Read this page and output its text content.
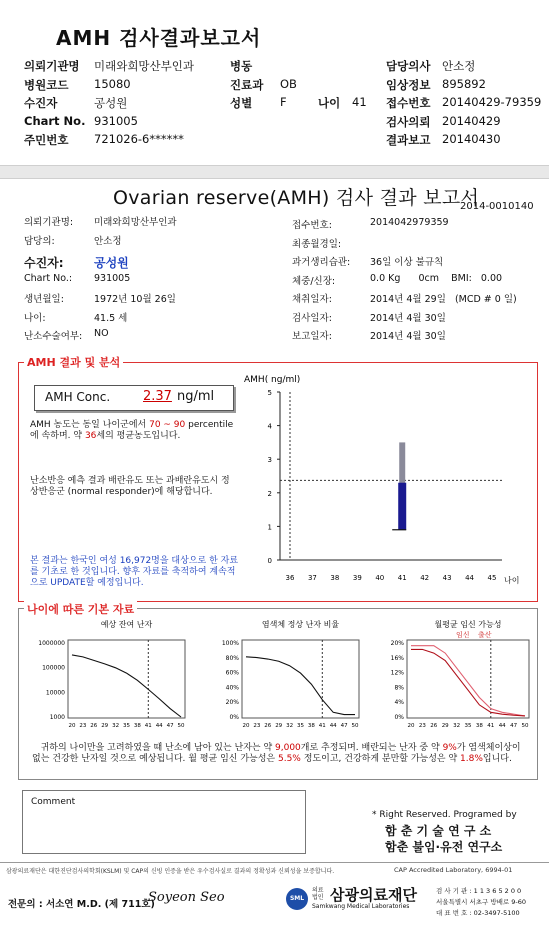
AMH 검사결과보고서
의뢰기관명 미래와희망산부인과	병동	담당의사 안소정
병원코드 15080	진료과 OB	임상정보 895892
수진자	공성원	성별 F	나이 41 접수번호 20140429-79359
Chart No. 931005	검사의뢰 20140429
주민번호 721026-6******	결과보고 20140430
Ovarian reserve(AMH) 검사 결과 보고서
2014-0010140
의뢰기관명: 미래와희망산부인과
담당의:	안소정
수진자:	공성원
Chart No.: 931005
생년월일:	1972년 10월 26일
나이:	41.5 세
난소수술여부: NO
접수번호:	2014042979359
최종월경일:
과거생리습관: 36일 이상 불규칙
체중/신장:	0.0 Kg      0cm    BMI:   0.00
채취일자:	2014년 4월 29일   (MCD # 0 일)
검사일자:	2014년 4월 30일
보고일자:	2014년 4월 30일
AMH 결과 및 분석
AMH Conc.	2.37 ng/ml
AMH 농도는 동일 나이군에서 70 ~ 90 percentile에 속하며. 약 36세의 평균농도입니다.
난소반응 예측 결과 배란유도 또는 과배란유도시 정상반응군 (normal responder)에 해당합니다.
본 결과는 한국인 여성 16,972명을 대상으로 한 자료를 기초로 한 것입니다. 향후 자료를 축적하여 계속적으로 UPDATE할 예정입니다.
AMH( ng/ml)
0
1
2
3
4
5
36 37 38 39 40 41 42 43 44 45 나이
나이에 따른 기본 자료
예상 잔여 난자
1000000
100000
10000
1000
20 23 26 29 32 35 38 41 44 47 50
염색체 정상 난자 비율
100%
80%
60%
40%
20%
0%
20 23 26 29 32 35 38 41 44 47 50
월평균 임신 가능성
20%
16%
12%
8%
4%
0%
20 23 26 29 32 35 38 41 44 47 50
임신 출산
귀하의 나이만을 고려하였을 때 난소에 남아 있는 난자는 약 9,000개로 추정되며. 배란되는 난자 중 약 9%가 염색체이상이 없는 건강한 난자일 것으로 예상됩니다. 월 평균 임신 가능성은 5.5% 정도이고, 건강하게 분만할 가능성은 약 1.8%입니다.
Comment
* Right Reserved. Programed by
함 춘 기 술 연 구 소
함춘 불임·유전 연구소
삼광의료재단은 대한진단검사의학회(KSLM) 및 CAP의 신빙 인증을 받은 우수검사실로 결과의 정확성과 신뢰성을 보증합니다.	CAP Accredited Laboratory, 6994-01
전문의 : 서소연 M.D. (제 711호)
Soyeon Seo	SML
의료
법인 삼광의료재단
Samkwang Medical Laboratories
검 사 기 관 : 1 1 3 6 5 2 0 0
서울특별시 서초구 방배로 9-60
대 표 번 호 : 02-3497-5100
